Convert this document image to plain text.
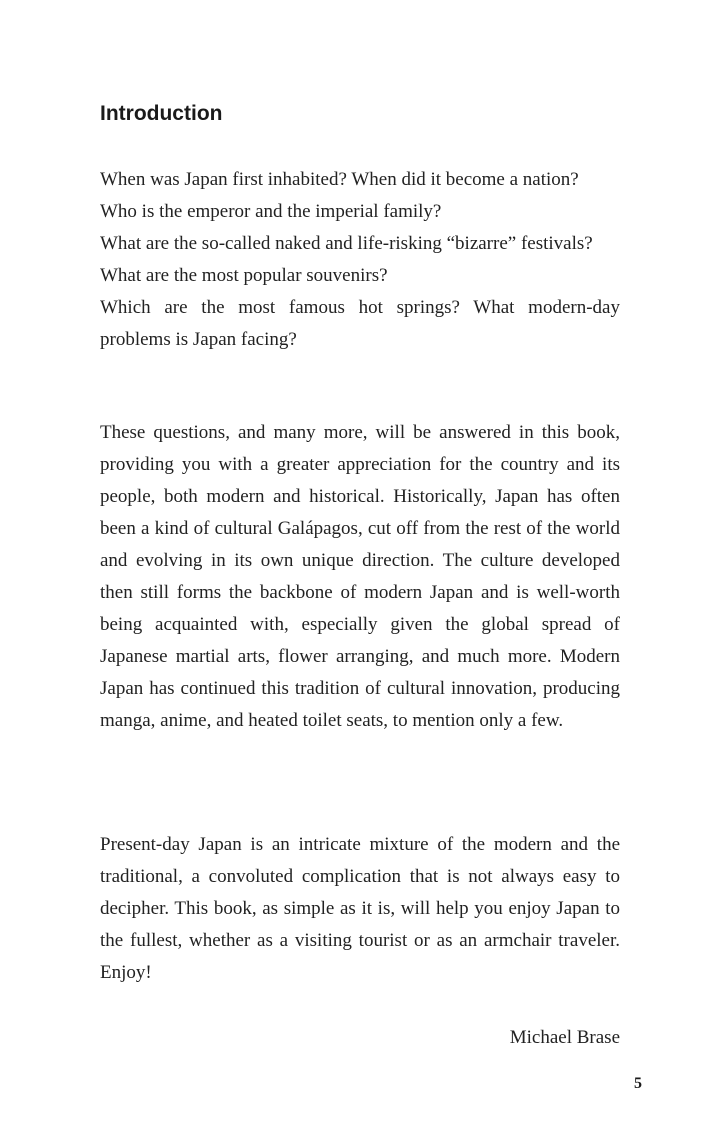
Introduction
When was Japan first inhabited? When did it become a nation?
Who is the emperor and the imperial family?
What are the so-called naked and life-risking “bizarre” festivals?
What are the most popular souvenirs?
Which are the most famous hot springs? What modern-day problems is Japan facing?

These questions, and many more, will be answered in this book, providing you with a greater appreciation for the country and its people, both modern and historical. Historically, Japan has often been a kind of cultural Galápagos, cut off from the rest of the world and evolving in its own unique direction. The culture developed then still forms the backbone of modern Japan and is well-worth being acquainted with, especially given the global spread of Japanese martial arts, flower arranging, and much more. Modern Japan has continued this tradition of cultural innovation, producing manga, anime, and heated toilet seats, to mention only a few.

Present-day Japan is an intricate mixture of the modern and the traditional, a convoluted complication that is not always easy to decipher. This book, as simple as it is, will help you enjoy Japan to the fullest, whether as a visiting tourist or as an armchair traveler. Enjoy!

Michael Brase
5
